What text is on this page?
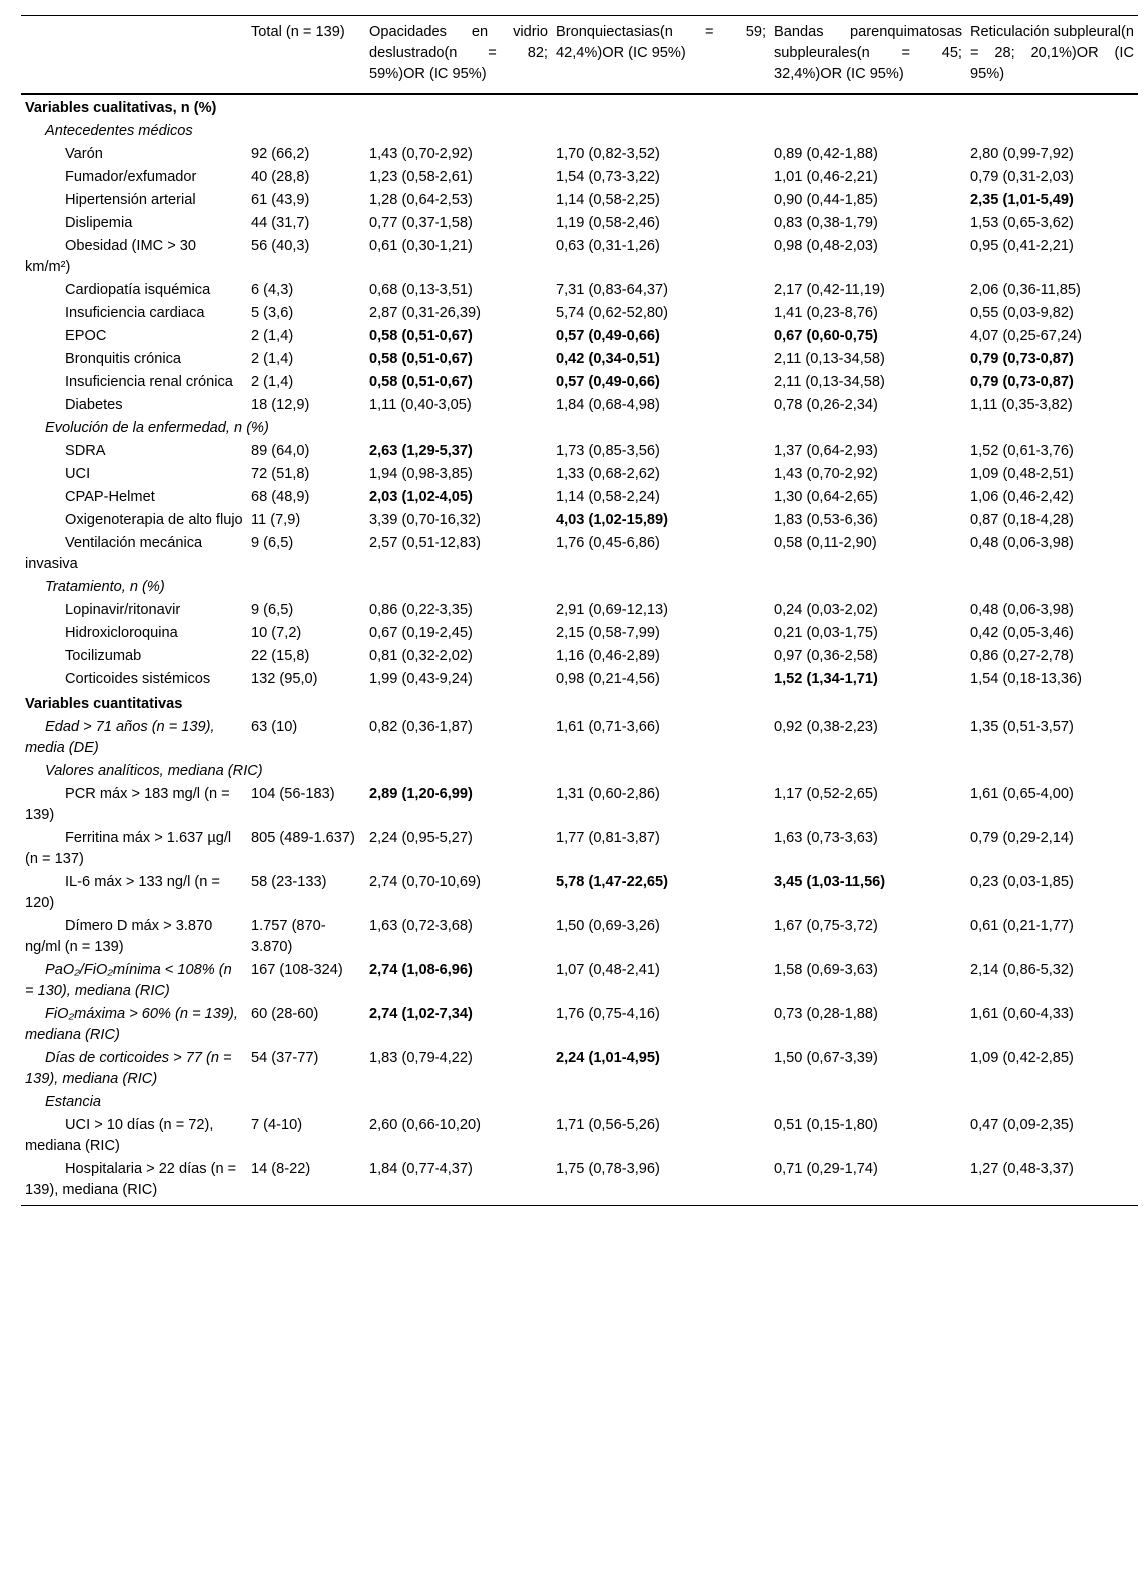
	Total (n = 139)	Opacidades en vidrio deslustrado(n = 82; 59%)OR (IC 95%)	Bronquiectasias(n = 59; 42,4%)OR (IC 95%)	Bandas parenquimatosas subpleurales(n = 45; 32,4%)OR (IC 95%)	Reticulación subpleural(n = 28; 20,1%)OR (IC 95%)

Variables cualitativas, n (%)					
Antecedentes médicos					
Varón	92 (66,2)	1,43 (0,70-2,92)	1,70 (0,82-3,52)	0,89 (0,42-1,88)	2,80 (0,99-7,92)
Fumador/exfumador	40 (28,8)	1,23 (0,58-2,61)	1,54 (0,73-3,22)	1,01 (0,46-2,21)	0,79 (0,31-2,03)
Hipertensión arterial	61 (43,9)	1,28 (0,64-2,53)	1,14 (0,58-2,25)	0,90 (0,44-1,85)	2,35 (1,01-5,49)
Dislipemia	44 (31,7)	0,77 (0,37-1,58)	1,19 (0,58-2,46)	0,83 (0,38-1,79)	1,53 (0,65-3,62)
Obesidad (IMC > 30 km/m²)	56 (40,3)	0,61 (0,30-1,21)	0,63 (0,31-1,26)	0,98 (0,48-2,03)	0,95 (0,41-2,21)
Cardiopatía isquémica	6 (4,3)	0,68 (0,13-3,51)	7,31 (0,83-64,37)	2,17 (0,42-11,19)	2,06 (0,36-11,85)
Insuficiencia cardiaca	5 (3,6)	2,87 (0,31-26,39)	5,74 (0,62-52,80)	1,41 (0,23-8,76)	0,55 (0,03-9,82)
EPOC	2 (1,4)	0,58 (0,51-0,67)	0,57 (0,49-0,66)	0,67 (0,60-0,75)	4,07 (0,25-67,24)
Bronquitis crónica	2 (1,4)	0,58 (0,51-0,67)	0,42 (0,34-0,51)	2,11 (0,13-34,58)	0,79 (0,73-0,87)
Insuficiencia renal crónica	2 (1,4)	0,58 (0,51-0,67)	0,57 (0,49-0,66)	2,11 (0,13-34,58)	0,79 (0,73-0,87)
Diabetes	18 (12,9)	1,11 (0,40-3,05)	1,84 (0,68-4,98)	0,78 (0,26-2,34)	1,11 (0,35-3,82)
Evolución de la enfermedad, n (%)					
SDRA	89 (64,0)	2,63 (1,29-5,37)	1,73 (0,85-3,56)	1,37 (0,64-2,93)	1,52 (0,61-3,76)
UCI	72 (51,8)	1,94 (0,98-3,85)	1,33 (0,68-2,62)	1,43 (0,70-2,92)	1,09 (0,48-2,51)
CPAP-Helmet	68 (48,9)	2,03 (1,02-4,05)	1,14 (0,58-2,24)	1,30 (0,64-2,65)	1,06 (0,46-2,42)
Oxigenoterapia de alto flujo	11 (7,9)	3,39 (0,70-16,32)	4,03 (1,02-15,89)	1,83 (0,53-6,36)	0,87 (0,18-4,28)
Ventilación mecánica invasiva	9 (6,5)	2,57 (0,51-12,83)	1,76 (0,45-6,86)	0,58 (0,11-2,90)	0,48 (0,06-3,98)
Tratamiento, n (%)					
Lopinavir/ritonavir	9 (6,5)	0,86 (0,22-3,35)	2,91 (0,69-12,13)	0,24 (0,03-2,02)	0,48 (0,06-3,98)
Hidroxicloroquina	10 (7,2)	0,67 (0,19-2,45)	2,15 (0,58-7,99)	0,21 (0,03-1,75)	0,42 (0,05-3,46)
Tocilizumab	22 (15,8)	0,81 (0,32-2,02)	1,16 (0,46-2,89)	0,97 (0,36-2,58)	0,86 (0,27-2,78)
Corticoides sistémicos	132 (95,0)	1,99 (0,43-9,24)	0,98 (0,21-4,56)	1,52 (1,34-1,71)	1,54 (0,18-13,36)
Variables cuantitativas					
Edad > 71 años (n = 139), media (DE)	63 (10)	0,82 (0,36-1,87)	1,61 (0,71-3,66)	0,92 (0,38-2,23)	1,35 (0,51-3,57)
Valores analíticos, mediana (RIC)					
PCR máx > 183 mg/l (n = 139)	104 (56-183)	2,89 (1,20-6,99)	1,31 (0,60-2,86)	1,17 (0,52-2,65)	1,61 (0,65-4,00)
Ferritina máx > 1.637 µg/l (n = 137)	805 (489-1.637)	2,24 (0,95-5,27)	1,77 (0,81-3,87)	1,63 (0,73-3,63)	0,79 (0,29-2,14)
IL-6 máx > 133 ng/l (n = 120)	58 (23-133)	2,74 (0,70-10,69)	5,78 (1,47-22,65)	3,45 (1,03-11,56)	0,23 (0,03-1,85)
Dímero D máx > 3.870 ng/ml (n = 139)	1.757 (870-3.870)	1,63 (0,72-3,68)	1,50 (0,69-3,26)	1,67 (0,75-3,72)	0,61 (0,21-1,77)
PaO₂/FiO₂mínima < 108% (n = 130), mediana (RIC)	167 (108-324)	2,74 (1,08-6,96)	1,07 (0,48-2,41)	1,58 (0,69-3,63)	2,14 (0,86-5,32)
FiO₂máxima > 60% (n = 139), mediana (RIC)	60 (28-60)	2,74 (1,02-7,34)	1,76 (0,75-4,16)	0,73 (0,28-1,88)	1,61 (0,60-4,33)
Días de corticoides > 77 (n = 139), mediana (RIC)	54 (37-77)	1,83 (0,79-4,22)	2,24 (1,01-4,95)	1,50 (0,67-3,39)	1,09 (0,42-2,85)
Estancia					
UCI > 10 días (n = 72), mediana (RIC)	7 (4-10)	2,60 (0,66-10,20)	1,71 (0,56-5,26)	0,51 (0,15-1,80)	0,47 (0,09-2,35)
Hospitalaria > 22 días (n = 139), mediana (RIC)	14 (8-22)	1,84 (0,77-4,37)	1,75 (0,78-3,96)	0,71 (0,29-1,74)	1,27 (0,48-3,37)
